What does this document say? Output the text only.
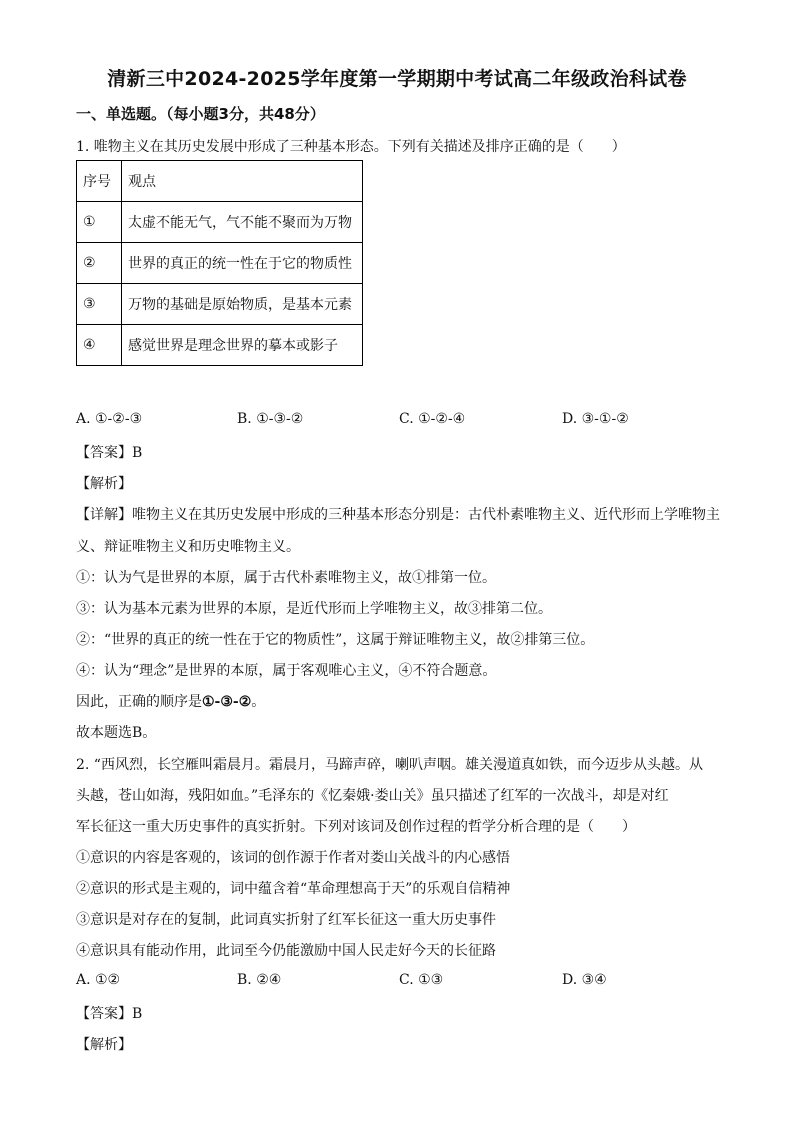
清新三中2024-2025学年度第一学期期中考试高二年级政治科试卷
一、单选题。（每小题3分，共48分）
1. 唯物主义在其历史发展中形成了三种基本形态。下列有关描述及排序正确的是（　　）
序号	观点
①	太虚不能无气，气不能不聚而为万物
②	世界的真正的统一性在于它的物质性
③	万物的基础是原始物质，是基本元素
④	感觉世界是理念世界的摹本或影子
A. ①-②-③	B. ①-③-②	C. ①-②-④	D. ③-①-②
【答案】B
【解析】
【详解】唯物主义在其历史发展中形成的三种基本形态分别是：古代朴素唯物主义、近代形而上学唯物主
义、辩证唯物主义和历史唯物主义。
①：认为气是世界的本原，属于古代朴素唯物主义，故①排第一位。
③：认为基本元素为世界的本原，是近代形而上学唯物主义，故③排第二位。
②：“世界的真正的统一性在于它的物质性”，这属于辩证唯物主义，故②排第三位。
④：认为“理念”是世界的本原，属于客观唯心主义，④不符合题意。
因此，正确的顺序是①-③-②。
故本题选B。
2. “西风烈，长空雁叫霜晨月。霜晨月，马蹄声碎，喇叭声咽。雄关漫道真如铁，而今迈步从头越。从
头越，苍山如海，残阳如血。”毛泽东的《忆秦娥·娄山关》虽只描述了红军的一次战斗，却是对红
军长征这一重大历史事件的真实折射。下列对该词及创作过程的哲学分析合理的是（　　）
①意识的内容是客观的，该词的创作源于作者对娄山关战斗的内心感悟
②意识的形式是主观的，词中蕴含着“革命理想高于天”的乐观自信精神
③意识是对存在的复制，此词真实折射了红军长征这一重大历史事件
④意识具有能动作用，此词至今仍能激励中国人民走好今天的长征路
A. ①②	B. ②④	C. ①③	D. ③④
【答案】B
【解析】
